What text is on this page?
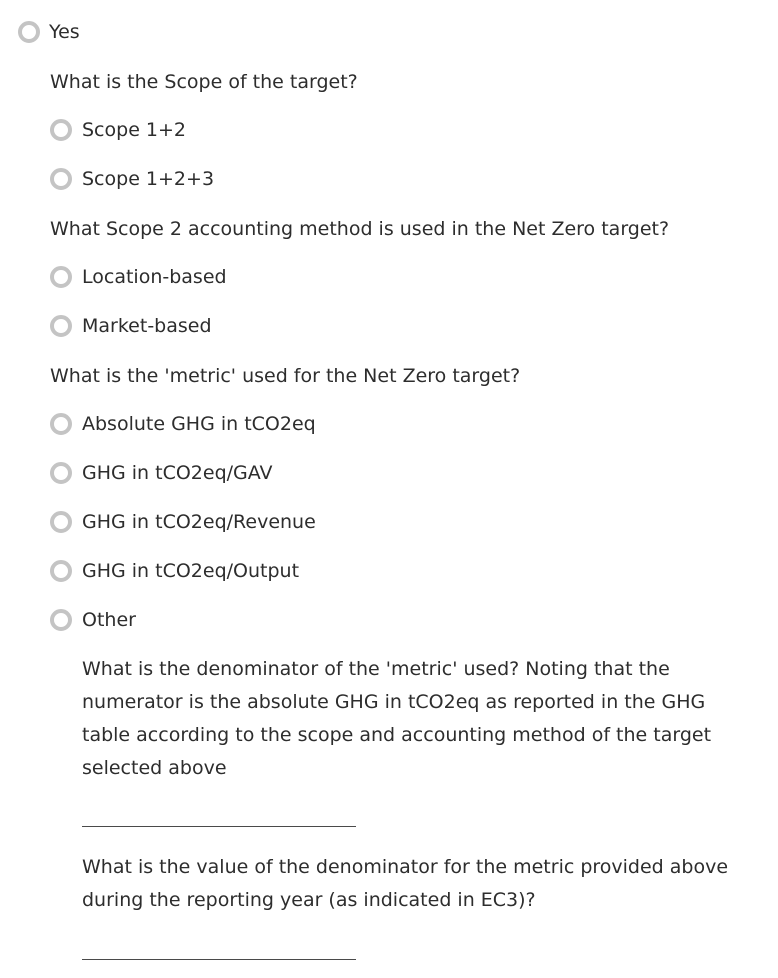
Yes
What is the Scope of the target?
Scope 1+2
Scope 1+2+3
What Scope 2 accounting method is used in the Net Zero target?
Location-based
Market-based
What is the 'metric' used for the Net Zero target?
Absolute GHG in tCO2eq
GHG in tCO2eq/GAV
GHG in tCO2eq/Revenue
GHG in tCO2eq/Output
Other
What is the denominator of the 'metric' used? Noting that the numerator is the absolute GHG in tCO2eq as reported in the GHG table according to the scope and accounting method of the target selected above
What is the value of the denominator for the metric provided above during the reporting year (as indicated in EC3)?
